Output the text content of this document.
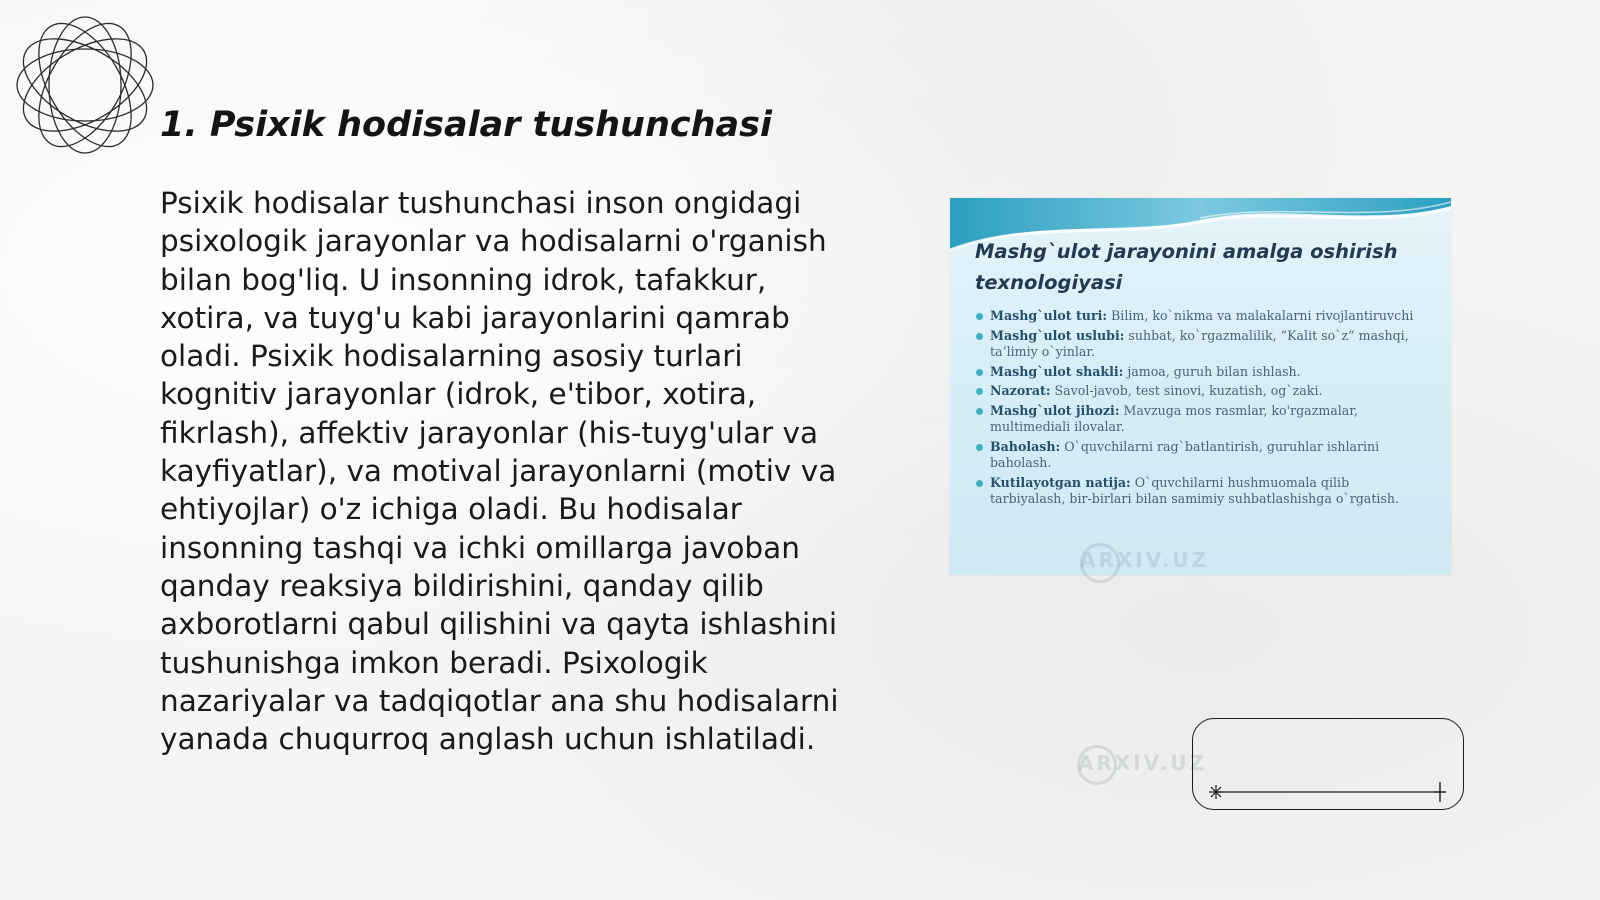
1. Psixik hodisalar tushunchasi

Psixik hodisalar tushunchasi inson ongidagi psixologik jarayonlar va hodisalarni o'rganish bilan bog'liq. U insonning idrok, tafakkur, xotira, va tuyg'u kabi jarayonlarini qamrab oladi. Psixik hodisalarning asosiy turlari kognitiv jarayonlar (idrok, e'tibor, xotira, fikrlash), affektiv jarayonlar (his-tuyg'ular va kayfiyatlar), va motival jarayonlarni (motiv va ehtiyojlar) o'z ichiga oladi. Bu hodisalar insonning tashqi va ichki omillarga javoban qanday reaksiya bildirishini, qanday qilib axborotlarni qabul qilishini va qayta ishlashini tushunishga imkon beradi. Psixologik nazariyalar va tadqiqotlar ana shu hodisalarni yanada chuqurroq anglash uchun ishlatiladi.

ARXIV.UZ
ARXIV.UZ
Mashg`ulot jarayonini amalga oshirish texnologiyasi
Mashg`ulot turi: Bilim, ko`nikma va malakalarni rivojlantiruvchi
Mashg`ulot uslubi: suhbat, ko`rgazmalilik, “Kalit so`z” mashqi, ta’limiy o`yinlar.
Mashg`ulot shakli: jamoa, guruh bilan ishlash.
Nazorat: Savol-javob, test sinovi, kuzatish, og`zaki.
Mashg`ulot jihozi: Mavzuga mos rasmlar, ko'rgazmalar, multimediali ilovalar.
Baholash: O`quvchilarni rag`batlantirish, guruhlar ishlarini baholash.
Kutilayotgan natija: O`quvchilarni hushmuomala qilib tarbiyalash, bir-birlari bilan samimiy suhbatlashishga o`rgatish.
